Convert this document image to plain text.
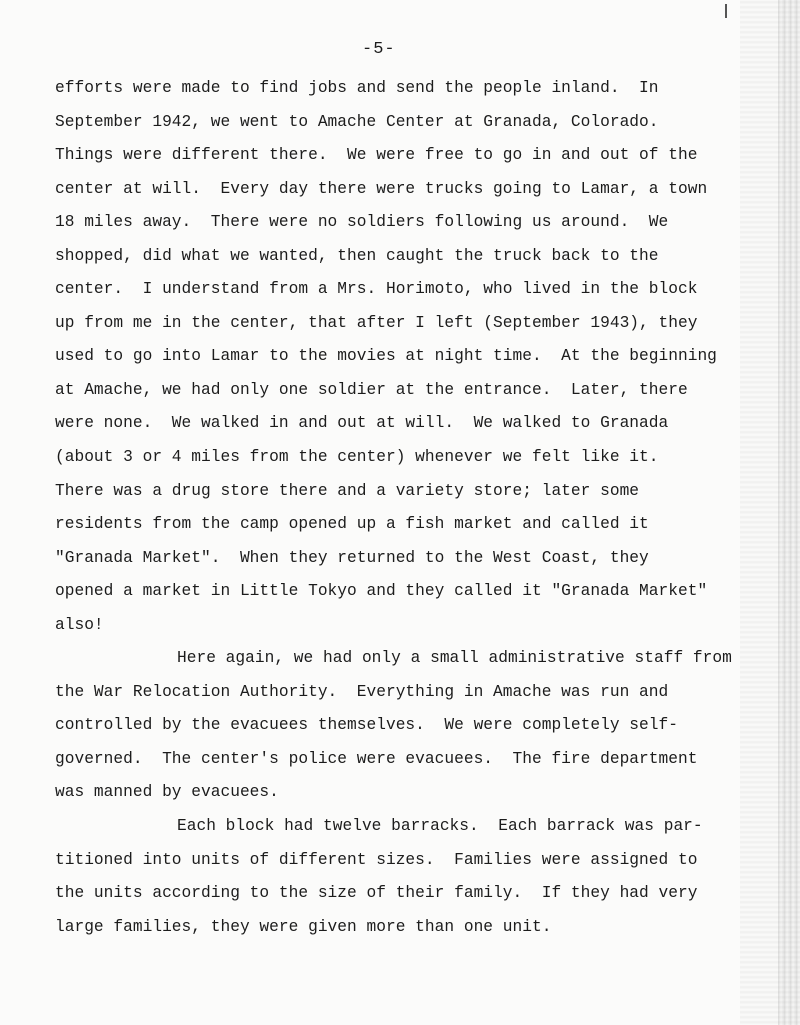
-5-
efforts were made to find jobs and send the people inland.  In
September 1942, we went to Amache Center at Granada, Colorado.
Things were different there.  We were free to go in and out of the
center at will.  Every day there were trucks going to Lamar, a town
18 miles away.  There were no soldiers following us around.  We
shopped, did what we wanted, then caught the truck back to the
center.  I understand from a Mrs. Horimoto, who lived in the block
up from me in the center, that after I left (September 1943), they
used to go into Lamar to the movies at night time.  At the beginning
at Amache, we had only one soldier at the entrance.  Later, there
were none.  We walked in and out at will.  We walked to Granada
(about 3 or 4 miles from the center) whenever we felt like it.
There was a drug store there and a variety store; later some
residents from the camp opened up a fish market and called it
"Granada Market".  When they returned to the West Coast, they
opened a market in Little Tokyo and they called it "Granada Market"
also!
Here again, we had only a small administrative staff from
the War Relocation Authority.  Everything in Amache was run and
controlled by the evacuees themselves.  We were completely self-
governed.  The center's police were evacuees.  The fire department
was manned by evacuees.
Each block had twelve barracks.  Each barrack was par-
titioned into units of different sizes.  Families were assigned to
the units according to the size of their family.  If they had very
large families, they were given more than one unit.
